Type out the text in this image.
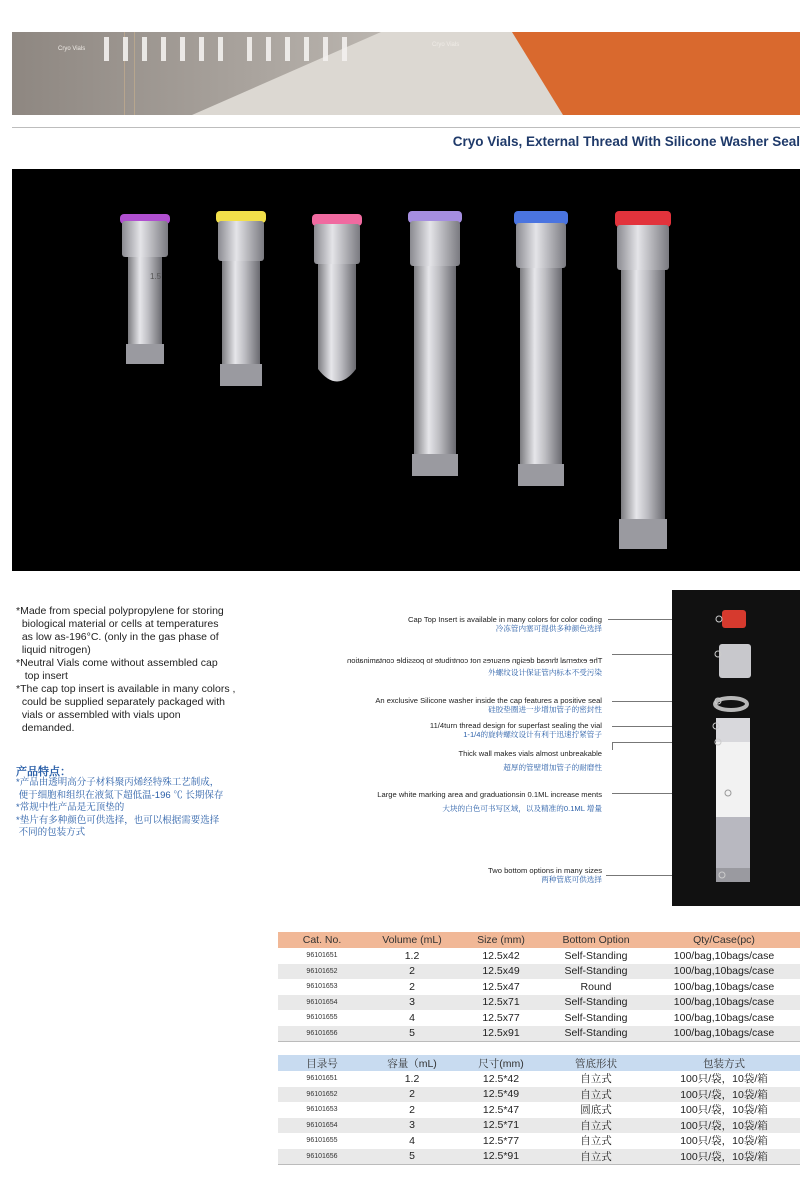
Cryo Vials
Cryo Vials
Cryo Vials, External Thread With Silicone Washer Seal
1.5
*Made from special polypropylene for storing
biological material or cells at temperatures
as low as-196°C. (only in the gas phase of
liquid nitrogen)
*Neutral Vials come without assembled cap
top insert
*The cap top insert is available in many colors ,
could be supplied separately packaged with
vials or assembled with vials upon
demanded.
产品特点：
*产品由透明高分子材料聚丙烯经特殊工艺制成，
便于细胞和组织在液氮下超低温-196 ℃ 长期保存
*常规中性产品是无顶垫的
*垫片有多种颜色可供选择，也可以根据需要选择
不同的包装方式
Cap Top Insert is available in many colors for color coding
冷冻管内塞可提供多种颜色选择
The external thread design ensures not contribute to possible contamination
外螺纹设计保证管内标本不受污染
An exclusive Silicone washer inside the cap features a positive seal
硅胶垫圈进一步增加管子的密封性
11/4turn thread design for superfast sealing the vial
1-1/4的旋转螺纹设计有利于迅速拧紧管子
Thick wall makes vials almost unbreakable
超厚的管壁增加管子的耐磨性
Large white marking area and graduationsin 0.1ML increase ments
大块的白色可书写区域，以及精准的0.1ML 增量
Two bottom options in many sizes
两种管底可供选择
Cat. No.	Volume (mL)	Size (mm)	Bottom Option	Qty/Case(pc)
96101651	1.2	12.5x42	Self-Standing	100/bag,10bags/case
96101652	2	12.5x49	Self-Standing	100/bag,10bags/case
96101653	2	12.5x47	Round	100/bag,10bags/case
96101654	3	12.5x71	Self-Standing	100/bag,10bags/case
96101655	4	12.5x77	Self-Standing	100/bag,10bags/case
96101656	5	12.5x91	Self-Standing	100/bag,10bags/case
目录号	容量（mL)	尺寸(mm)	管底形状	包装方式
96101651	1.2	12.5*42	自立式	100只/袋，10袋/箱
96101652	2	12.5*49	自立式	100只/袋，10袋/箱
96101653	2	12.5*47	圆底式	100只/袋，10袋/箱
96101654	3	12.5*71	自立式	100只/袋，10袋/箱
96101655	4	12.5*77	自立式	100只/袋，10袋/箱
96101656	5	12.5*91	自立式	100只/袋，10袋/箱
